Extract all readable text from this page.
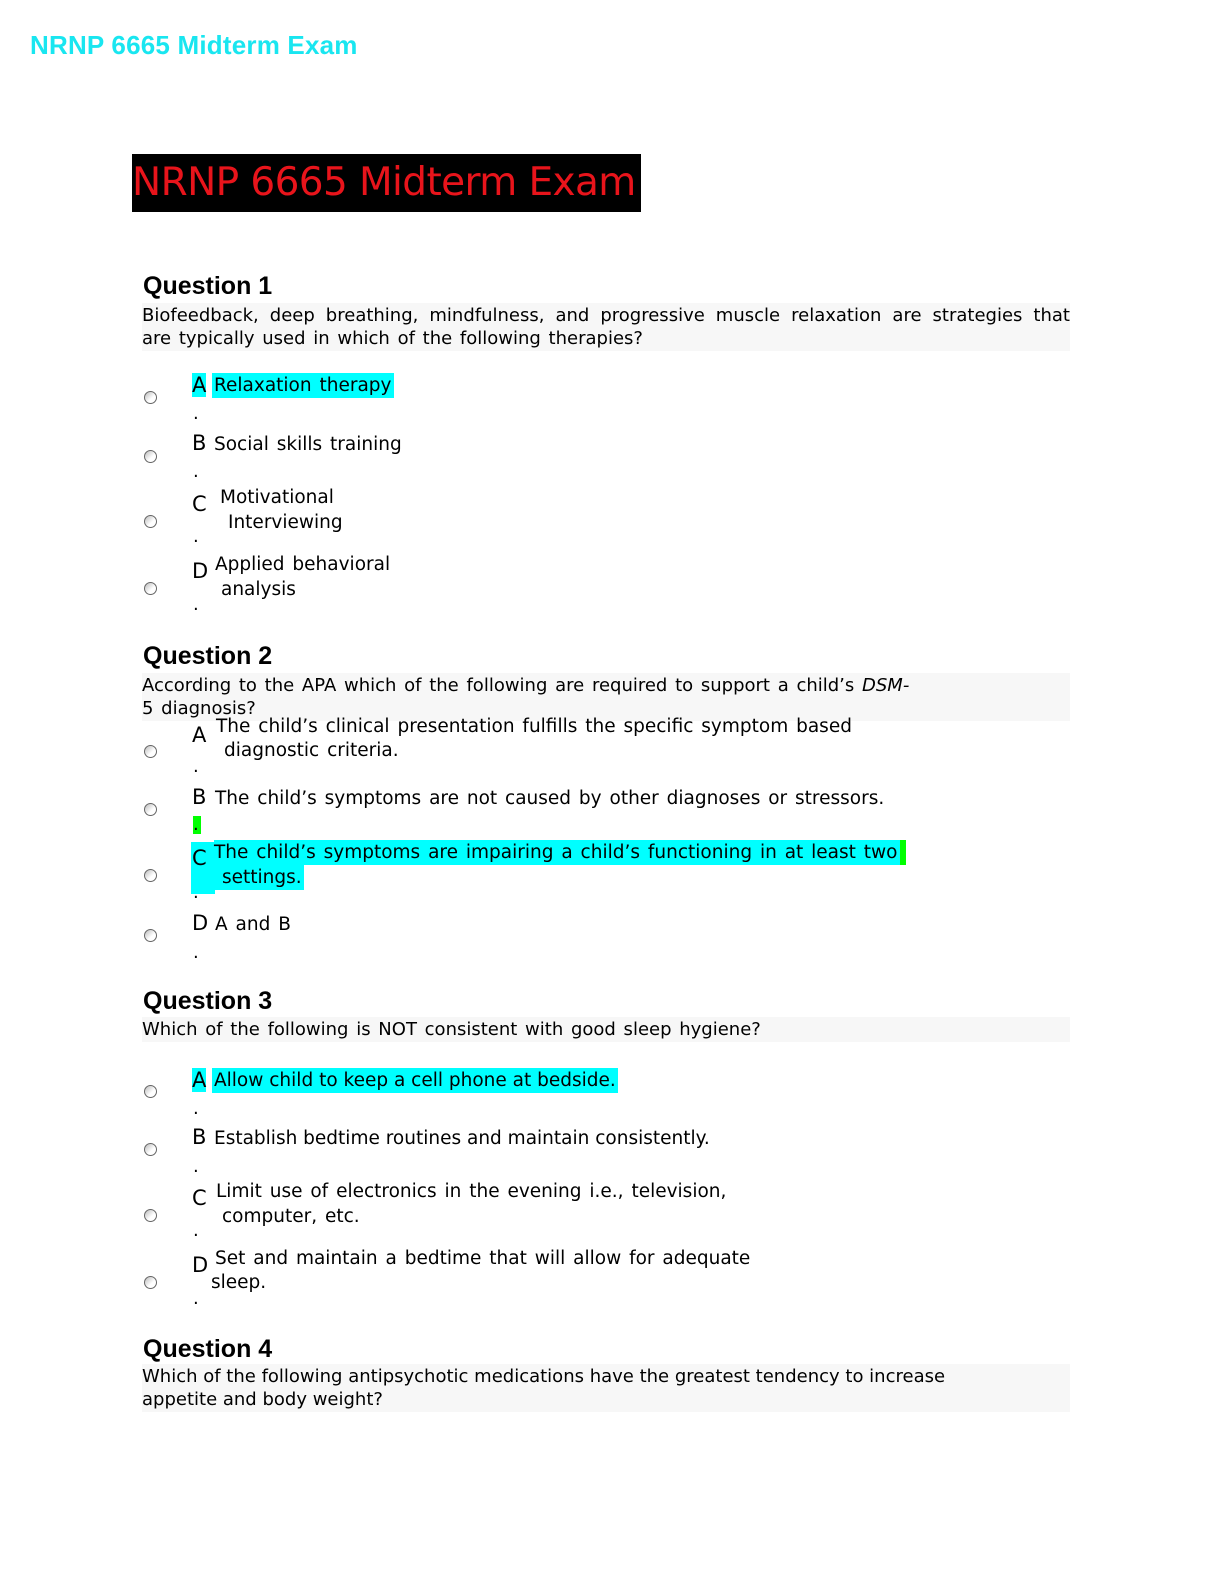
NRNP 6665 Midterm Exam
NRNP 6665 Midterm Exam
Question 1
Biofeedback, deep breathing, mindfulness, and progressive muscle relaxation are strategies that are typically used in which of the following therapies?
A
.
Relaxation therapy
B
.
Social skills training
C
.
Motivational
Interviewing
D
.
Applied behavioral
analysis
Question 2
According to the APA which of the following are required to support a child’s DSM-
5 diagnosis?
A
.
The child’s clinical presentation fulfills the specific symptom based
diagnostic criteria.
B
.
The child’s symptoms are not caused by other diagnoses or stressors.
C
.
The child’s symptoms are impairing a child’s functioning in at least two
settings.
D
.
A and B
Question 3
Which of the following is NOT consistent with good sleep hygiene?
A
.
Allow child to keep a cell phone at bedside.
B
.
Establish bedtime routines and maintain consistently.
C
.
Limit use of electronics in the evening i.e., television,
computer, etc.
D
.
Set and maintain a bedtime that will allow for adequate
sleep.
Question 4
Which of the following antipsychotic medications have the greatest tendency to increase appetite and body weight?
